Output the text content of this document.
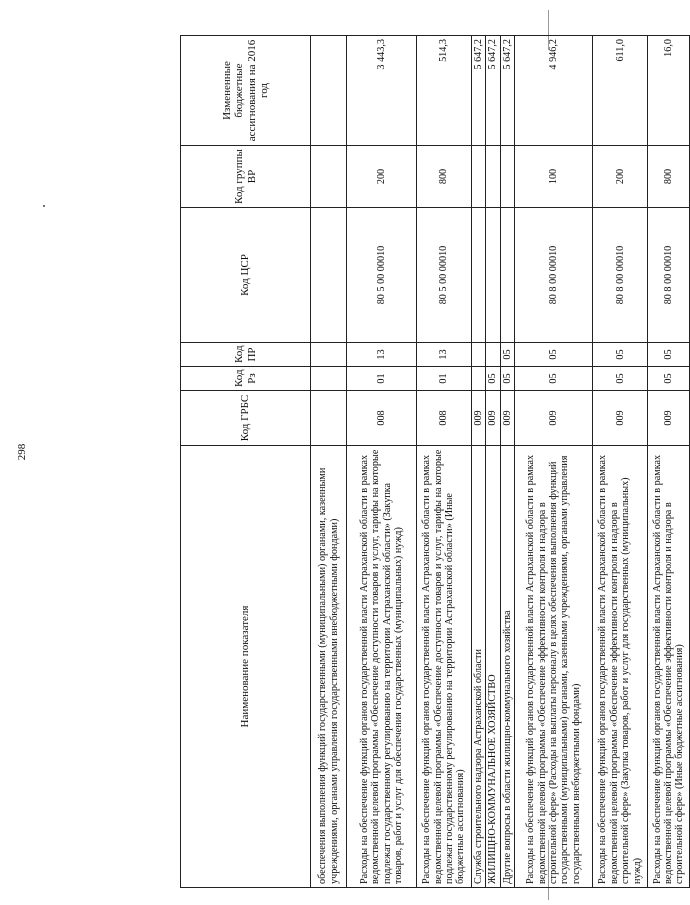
298
Наименование показателя	Код ГРБС	Код Рз	Код ПР	Код ЦСР	Код группы ВР	Измененные бюджетные ассигнования на 2016 год
обеспечения выполнения функций государственными (муниципальными) органами, казенными учреждениями, органами управления государственными внебюджетными фондами)						
Расходы на обеспечение функций органов государственной власти Астраханской области в рамках ведомственной целевой программы «Обеспечение доступности товаров и услуг, тарифы на которые подлежат государственному регулированию на территории Астраханской области» (Закупка товаров, работ и услуг для обеспечения государственных (муниципальных) нужд)	008	01	13	80 5 00 00010	200	3 443,3
Расходы на обеспечение функций органов государственной власти Астраханской области в рамках ведомственной целевой программы «Обеспечение доступности товаров и услуг, тарифы на которые подлежат государственному регулированию на территории Астраханской области» (Иные бюджетные ассигнования)	008	01	13	80 5 00 00010	800	514,3
Служба строительного надзора Астраханской области	009					5 647,2
ЖИЛИЩНО-КОММУНАЛЬНОЕ ХОЗЯЙСТВО	009	05				5 647,2
Другие вопросы в области жилищно-коммунального хозяйства	009	05	05			5 647,2
Расходы на обеспечение функций органов государственной власти Астраханской области в рамках ведомственной целевой программы «Обеспечение эффективности контроля и надзора в строительной сфере» (Расходы на выплаты персоналу в целях обеспечения выполнения функций государственными (муниципальными) органами, казенными учреждениями, органами управления государственными внебюджетными фондами)	009	05	05	80 8 00 00010	100	4 946,2
Расходы на обеспечение функций органов государственной власти Астраханской области в рамках ведомственной целевой программы «Обеспечение эффективности контроля и надзора в строительной сфере» (Закупка товаров, работ и услуг для государственных (муниципальных) нужд)	009	05	05	80 8 00 00010	200	611,0
Расходы на обеспечение функций органов государственной власти Астраханской области в рамках ведомственной целевой программы «Обеспечение эффективности контроля и надзора в строительной сфере» (Иные бюджетные ассигнования)	009	05	05	80 8 00 00010	800	16,0
